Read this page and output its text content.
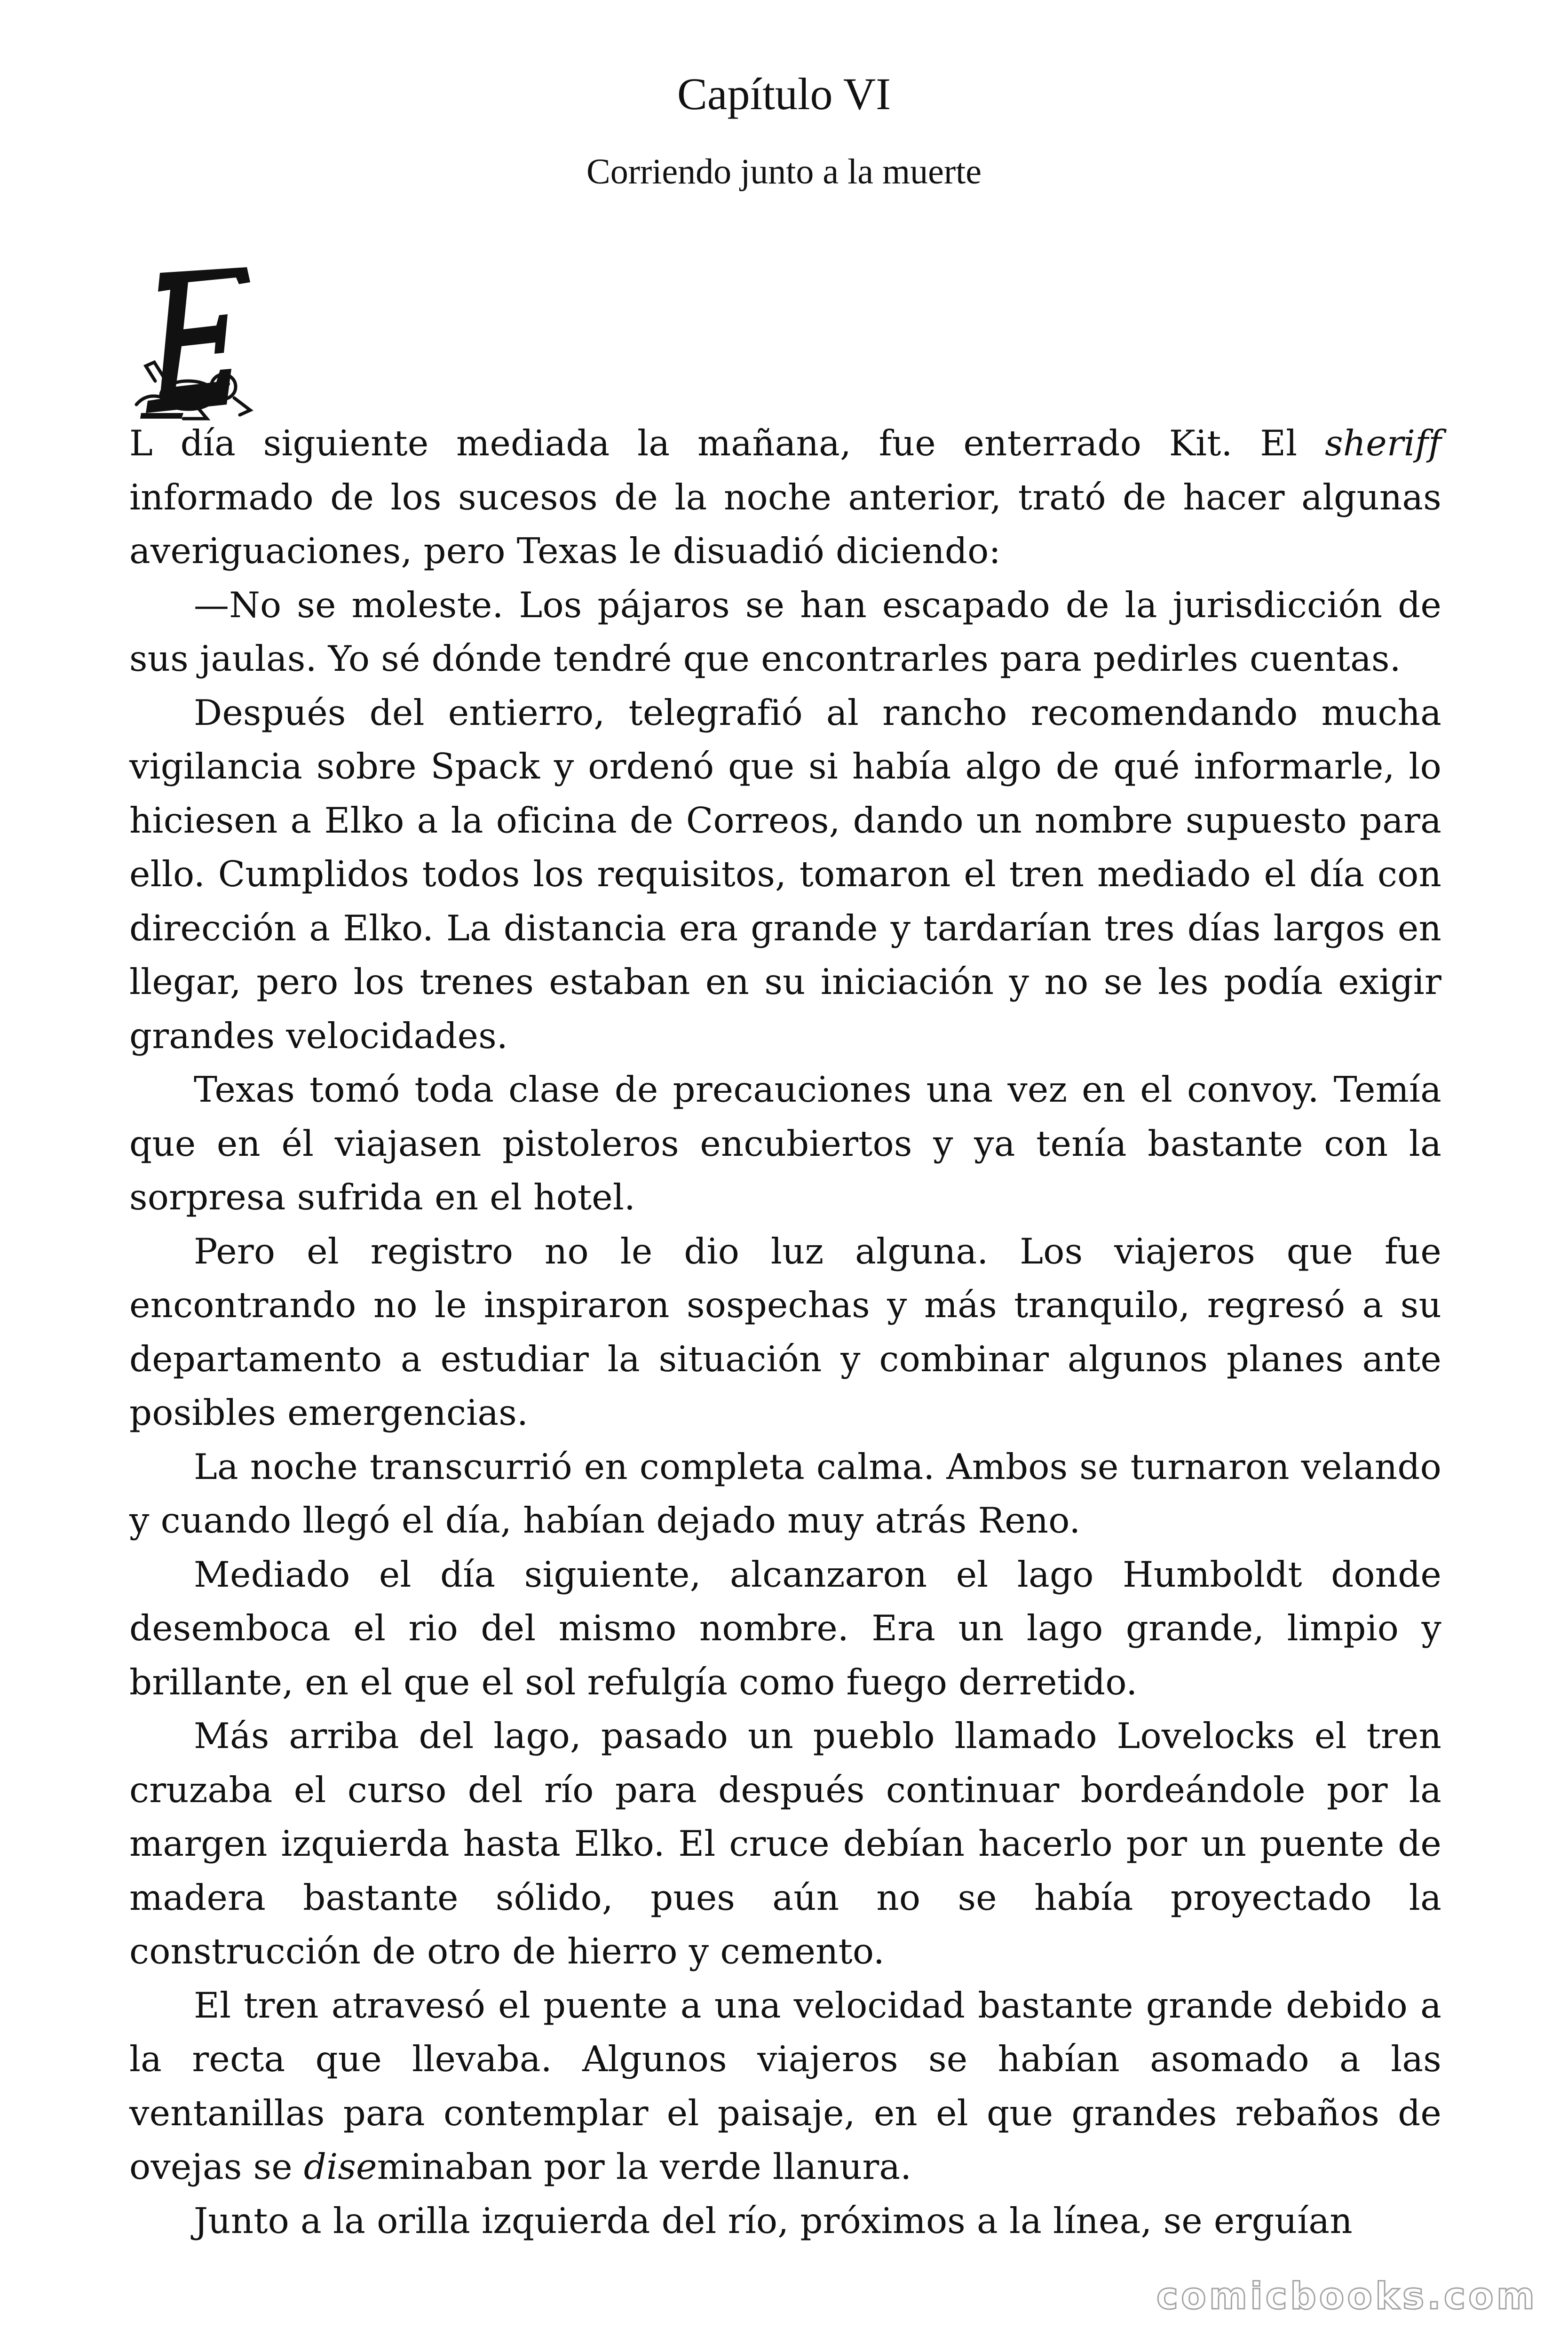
Capítulo VI
Corriendo junto a la muerte

L día siguiente mediada la mañana, fue enterrado Kit. El sheriff informado de los sucesos de la noche anterior, trató de hacer algunas averiguaciones, pero Texas le disuadió diciendo:

—No se moleste. Los pájaros se han escapado de la jurisdicción de sus jaulas. Yo sé dónde tendré que encontrarles para pedirles cuentas.

Después del entierro, telegrafió al rancho recomendando mucha vigilancia sobre Spack y ordenó que si había algo de qué informarle, lo hiciesen a Elko a la oficina de Correos, dando un nombre supuesto para ello. Cumplidos todos los requisitos, tomaron el tren mediado el día con dirección a Elko. La distancia era grande y tardarían tres días largos en llegar, pero los trenes estaban en su iniciación y no se les podía exigir grandes velocidades.

Texas tomó toda clase de precauciones una vez en el convoy. Temía que en él viajasen pistoleros encubiertos y ya tenía bastante con la sorpresa sufrida en el hotel.

Pero el registro no le dio luz alguna. Los viajeros que fue encontrando no le inspiraron sospechas y más tranquilo, regresó a su departamento a estudiar la situación y combinar algunos planes ante posibles emergencias.

La noche transcurrió en completa calma. Ambos se turnaron velando y cuando llegó el día, habían dejado muy atrás Reno.

Mediado el día siguiente, alcanzaron el lago Humboldt donde desemboca el rio del mismo nombre. Era un lago grande, limpio y brillante, en el que el sol refulgía como fuego derretido.

Más arriba del lago, pasado un pueblo llamado Lovelocks el tren cruzaba el curso del río para después continuar bordeándole por la margen izquierda hasta Elko. El cruce debían hacerlo por un puente de madera bastante sólido, pues aún no se había proyectado la construcción de otro de hierro y cemento.

El tren atravesó el puente a una velocidad bastante grande debido a la recta que llevaba. Algunos viajeros se habían asomado a las ventanillas para contemplar el paisaje, en el que grandes rebaños de ovejas se diseminaban por la verde llanura.

Junto a la orilla izquierda del río, próximos a la línea, se erguían

comicbooks.com
